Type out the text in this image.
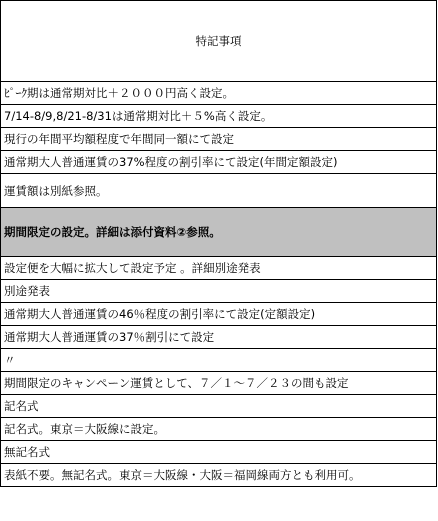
特記事項
ﾋﾟｰｸ期は通常期対比＋２０００円高く設定。
7/14-8/9,8/21-8/31は通常期対比＋５%高く設定。
現行の年間平均額程度で年間同一額にて設定
通常期大人普通運賃の37%程度の割引率にて設定(年間定額設定)
運賃額は別紙参照。
期間限定の設定。詳細は添付資料②参照。
設定便を大幅に拡大して設定予定 。詳細別途発表
別途発表
通常期大人普通運賃の46％程度の割引率にて設定(定額設定)
通常期大人普通運賃の37％割引にて設定
〃
期間限定のキャンペーン運賃として、７／１～７／２３の間も設定
記名式
記名式。東京＝大阪線に設定。
無記名式
表紙不要。無記名式。東京＝大阪線・大阪＝福岡線両方とも利用可。
